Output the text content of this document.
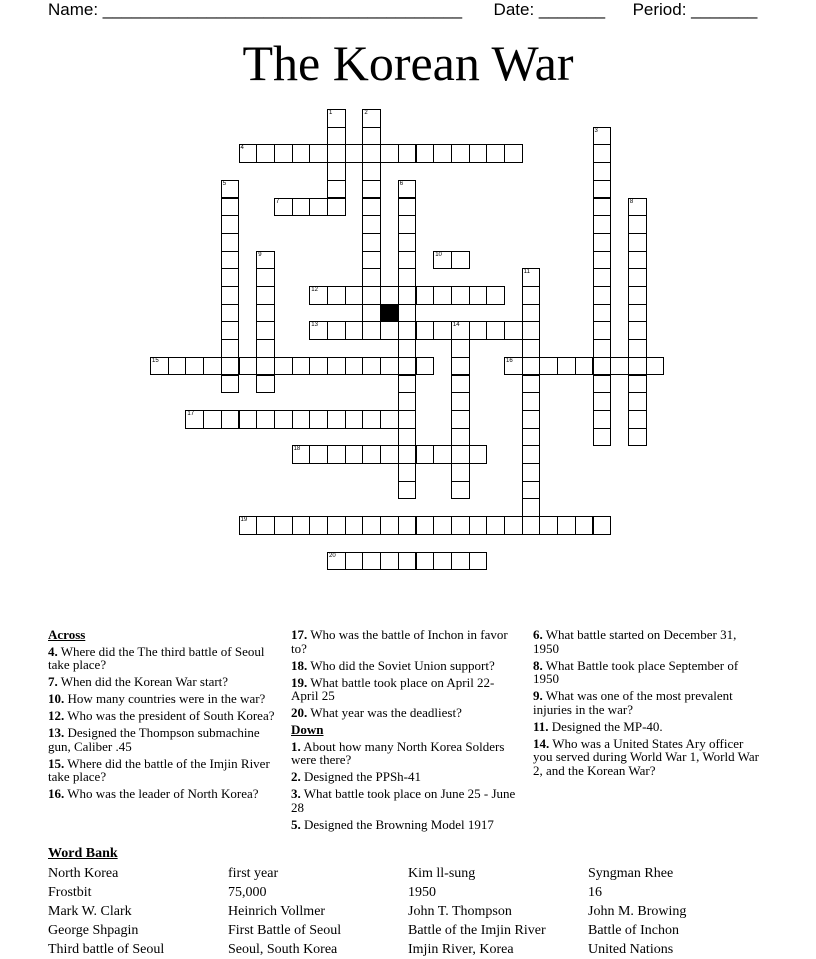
Name: ______________________________________ Date: _______ Period: _______
The Korean War
4
7
10
12
13	14
15	16
17
18
19
20
1	2
3
5	6
8
9
11
Across
4. Where did the The third battle of Seoul take place?
7. When did the Korean War start?
10. How many countries were in the war?
12. Who was the president of South Korea?
13. Designed the Thompson submachine gun, Caliber .45
15. Where did the battle of the Imjin River take place?
16. Who was the leader of North Korea?
17. Who was the battle of Inchon in favor to?
18. Who did the Soviet Union support?
19. What battle took place on April 22- April 25
20. What year was the deadliest?
Down
1. About how many North Korea Solders were there?
2. Designed the PPSh-41
3. What battle took place on June 25 - June 28
5. Designed the Browning Model 1917
6. What battle started on December 31, 1950
8. What Battle took place September of 1950
9. What was one of the most prevalent injuries in the war?
11. Designed the MP-40.
14. Who was a United States Ary officer you served during World War 1, World War 2, and the Korean War?
Word Bank
North Korea	first year	Kim ll-sung	Syngman Rhee
Frostbit	75,000	1950	16
Mark W. Clark	Heinrich Vollmer	John T. Thompson	John M. Browing
George Shpagin	First Battle of Seoul	Battle of the Imjin River	Battle of Inchon
Third battle of Seoul	Seoul, South Korea	Imjin River, Korea	United Nations
